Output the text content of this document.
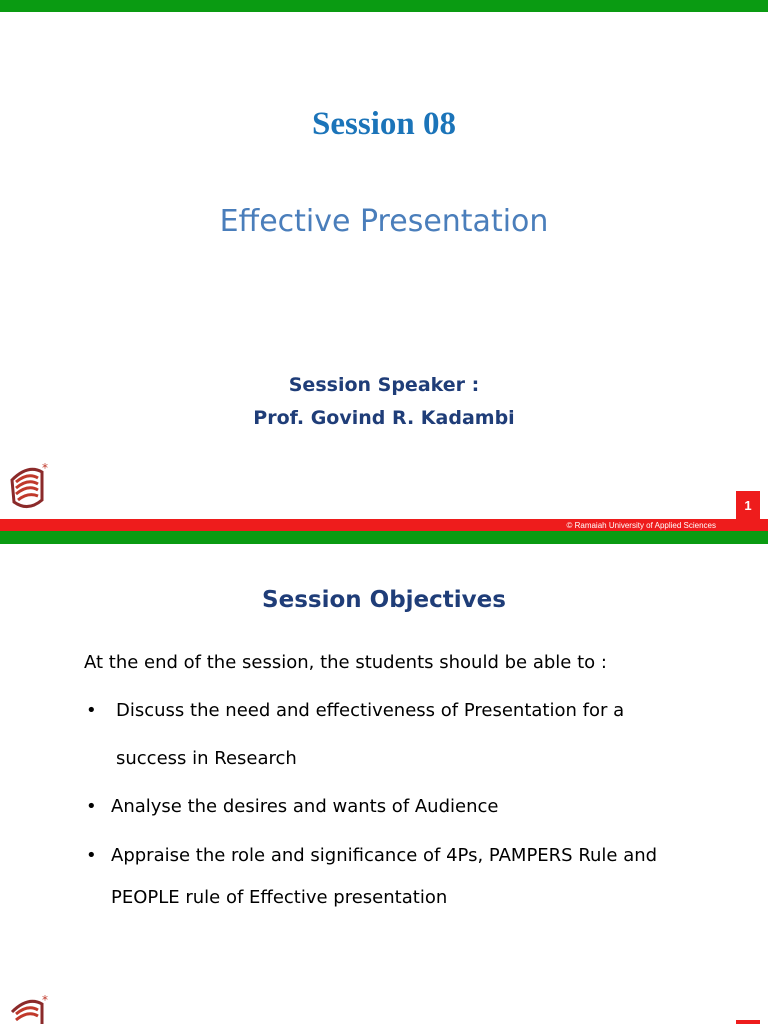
Session 08
Effective Presentation
Session Speaker :
Prof. Govind R. Kadambi
*
1
© Ramaiah University of Applied Sciences
Session Objectives
At the end of the session, the students should be able to :
• Discuss the need and effectiveness of Presentation for a
success in Research
• Analyse the desires and wants of Audience
• Appraise the role and significance of 4Ps, PAMPERS Rule and
PEOPLE rule of Effective presentation
*
